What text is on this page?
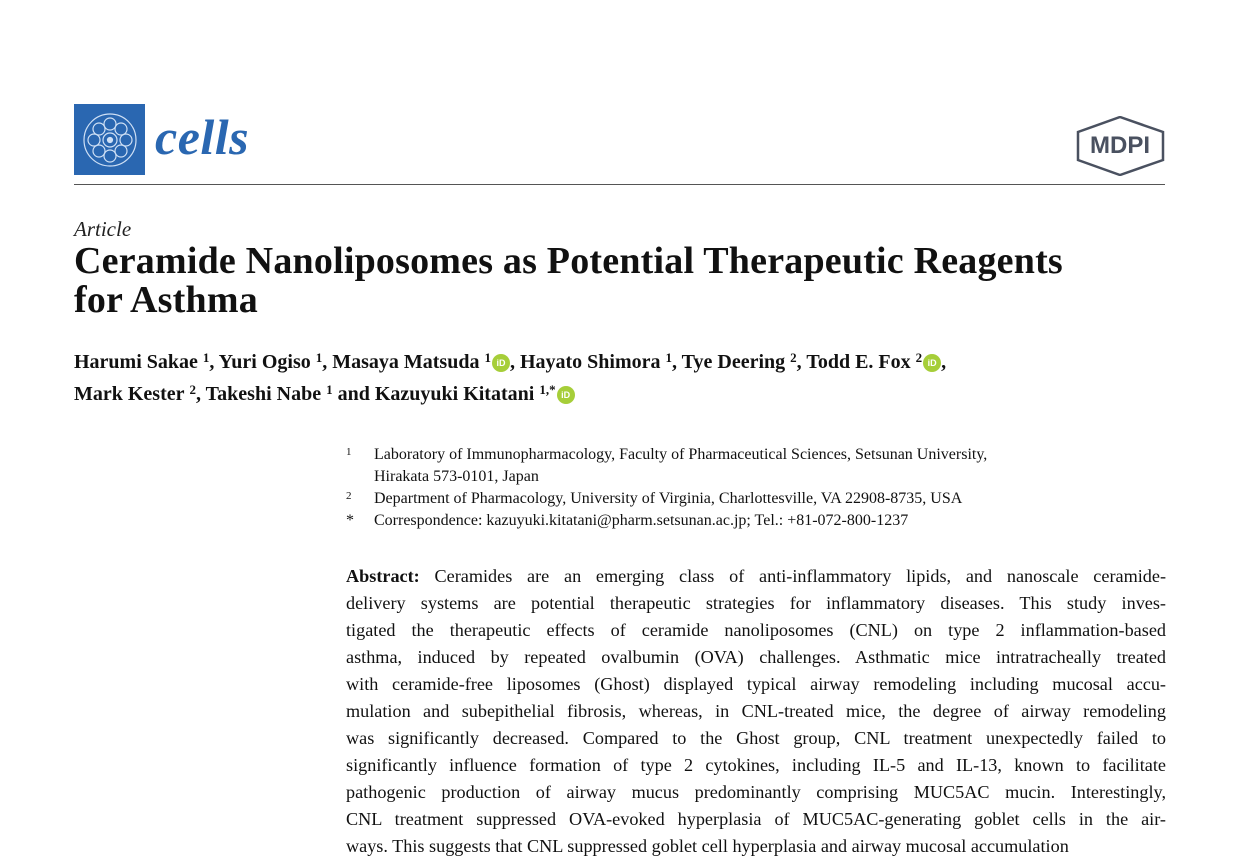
cells	MDPI
Article
Ceramide Nanoliposomes as Potential Therapeutic Reagents
for Asthma
Harumi Sakae $^1$, Yuri Ogiso $^1$, Masaya Matsuda $^1$ iD , Hayato Shimora $^1$, Tye Deering $^2$, Todd E. Fox $^2$ iD ,
Mark Kester $^2$, Takeshi Nabe $^1$ and Kazuyuki Kitatani $^{1,*}$ iD
1	Laboratory of Immunopharmacology, Faculty of Pharmaceutical Sciences, Setsunan University,
Hirakata 573-0101, Japan
2	Department of Pharmacology, University of Virginia, Charlottesville, VA 22908-8735, USA
*	Correspondence: kazuyuki.kitatani@pharm.setsunan.ac.jp; Tel.: +81-072-800-1237
Abstract: Ceramides are an emerging class of anti-inflammatory lipids, and nanoscale ceramide-
delivery systems are potential therapeutic strategies for inflammatory diseases. This study inves-
tigated the therapeutic effects of ceramide nanoliposomes (CNL) on type 2 inflammation-based
asthma, induced by repeated ovalbumin (OVA) challenges. Asthmatic mice intratracheally treated
with ceramide-free liposomes (Ghost) displayed typical airway remodeling including mucosal accu-
mulation and subepithelial fibrosis, whereas, in CNL-treated mice, the degree of airway remodeling
was significantly decreased. Compared to the Ghost group, CNL treatment unexpectedly failed to
significantly influence formation of type 2 cytokines, including IL-5 and IL-13, known to facilitate
pathogenic production of airway mucus predominantly comprising MUC5AC mucin. Interestingly,
CNL treatment suppressed OVA-evoked hyperplasia of MUC5AC-generating goblet cells in the air-
ways. This suggests that CNL suppressed goblet cell hyperplasia and airway mucosal accumulation
